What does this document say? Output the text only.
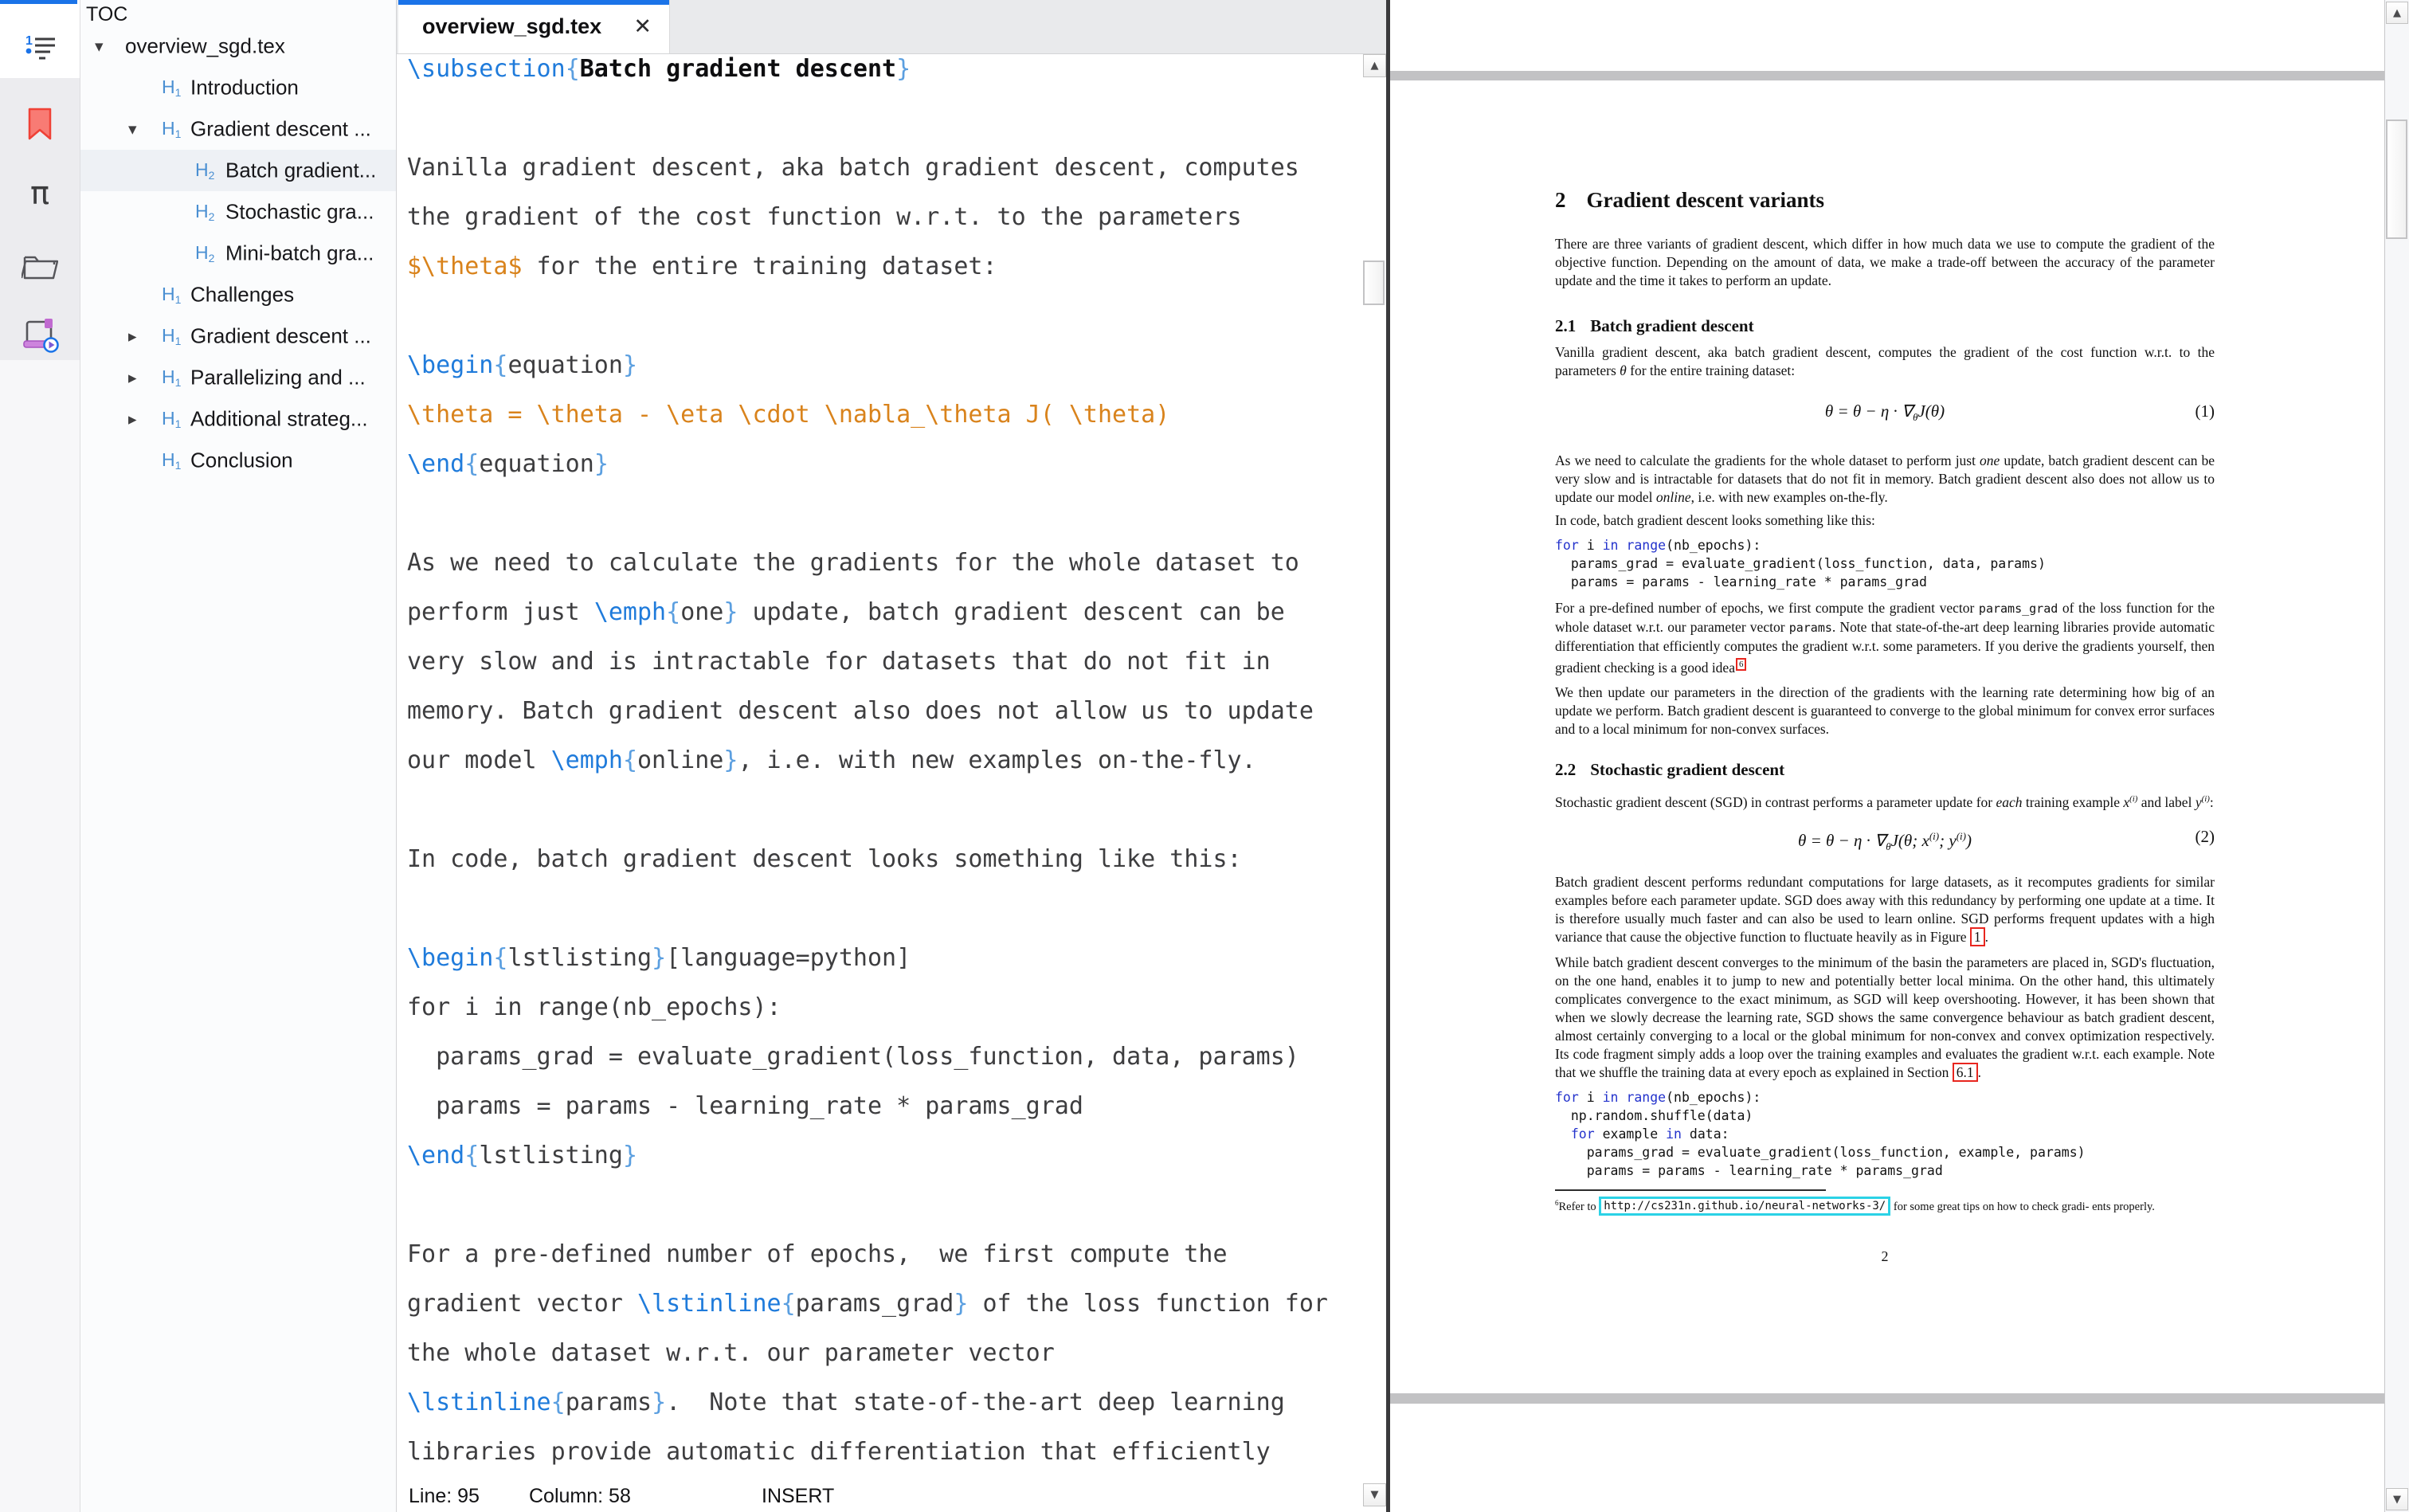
1
π
TOC
▾ overview_sgd.tex
H1 Introduction
▾ H1 Gradient descent ...
H2 Batch gradient...
H2 Stochastic gra...
H2 Mini-batch gra...
H1 Challenges
▸ H1 Gradient descent ...
▸ H1 Parallelizing and ...
▸ H1 Additional strateg...
H1 Conclusion
overview_sgd.tex ✕
\subsection{Batch gradient descent}
Vanilla gradient descent, aka batch gradient descent, computes
the gradient of the cost function w.r.t. to the parameters
$\theta$ for the entire training dataset:
\begin{equation}
\theta = \theta - \eta \cdot \nabla_\theta J( \theta)
\end{equation}
As we need to calculate the gradients for the whole dataset to
perform just \emph{one} update, batch gradient descent can be
very slow and is intractable for datasets that do not fit in
memory. Batch gradient descent also does not allow us to update
our model \emph{online}, i.e. with new examples on-the-fly.
In code, batch gradient descent looks something like this:
\begin{lstlisting}[language=python]
for i in range(nb_epochs):
params_grad = evaluate_gradient(loss_function, data, params)
params = params - learning_rate * params_grad
\end{lstlisting}
For a pre-defined number of epochs,  we first compute the
gradient vector \lstinline{params_grad} of the loss function for
the whole dataset w.r.t. our parameter vector
\lstinline{params}.  Note that state-of-the-art deep learning
libraries provide automatic differentiation that efficiently
Line: 95 Column: 58	INSERT
▲
▼
2 Gradient descent variants
There are three variants of gradient descent, which differ in how much data we use to compute the gradient of the objective function. Depending on the amount of data, we make a trade-off between the accuracy of the parameter update and the time it takes to perform an update.
2.1 Batch gradient descent
Vanilla gradient descent, aka batch gradient descent, computes the gradient of the cost function w.r.t. to the parameters θ for the entire training dataset:
$\theta = \theta - \eta \cdot \nabla_\theta J(\theta)$	(1)
As we need to calculate the gradients for the whole dataset to perform just one update, batch gradient descent can be very slow and is intractable for datasets that do not fit in memory. Batch gradient descent also does not allow us to update our model online, i.e. with new examples on-the-fly.
In code, batch gradient descent looks something like this:
for i in range(nb_epochs):
params_grad = evaluate_gradient(loss_function, data, params)
params = params - learning_rate * params_grad
For a pre-defined number of epochs, we first compute the gradient vector params_grad of the loss function for the whole dataset w.r.t. our parameter vector params. Note that state-of-the-art deep learning libraries provide automatic differentiation that efficiently computes the gradient w.r.t. some parameters. If you derive the gradients yourself, then gradient checking is a good idea $^6$
We then update our parameters in the direction of the gradients with the learning rate determining how big of an update we perform. Batch gradient descent is guaranteed to converge to the global minimum for convex error surfaces and to a local minimum for non-convex surfaces.
2.2 Stochastic gradient descent
Stochastic gradient descent (SGD) in contrast performs a parameter update for each training example $x^{(i)}$ and label $y^{(i)}$:
$\theta = \theta - \eta \cdot \nabla_\theta J(\theta$; $x^{(i)}$; $y^{(i)}$)	(2)
Batch gradient descent performs redundant computations for large datasets, as it recomputes gradients for similar examples before each parameter update. SGD does away with this redundancy by performing one update at a time. It is therefore usually much faster and can also be used to learn online. SGD performs frequent updates with a high variance that cause the objective function to fluctuate heavily as in Figure 1 .
While batch gradient descent converges to the minimum of the basin the parameters are placed in, SGD's fluctuation, on the one hand, enables it to jump to new and potentially better local minima. On the other hand, this ultimately complicates convergence to the exact minimum, as SGD will keep overshooting. However, it has been shown that when we slowly decrease the learning rate, SGD shows the same convergence behaviour as batch gradient descent, almost certainly converging to a local or the global minimum for non-convex and convex optimization respectively. Its code fragment simply adds a loop over the training examples and evaluates the gradient w.r.t. each example. Note that we shuffle the training data at every epoch as explained in Section 6.1 .
for i in range(nb_epochs):
np.random.shuffle(data)
for example in data:
params_grad = evaluate_gradient(loss_function, example, params)
params = params - learning_rate * params_grad
$^6$Refer to http://cs231n.github.io/neural-networks-3/ for some great tips on how to check gradi- ents properly.
2
▲
▼
